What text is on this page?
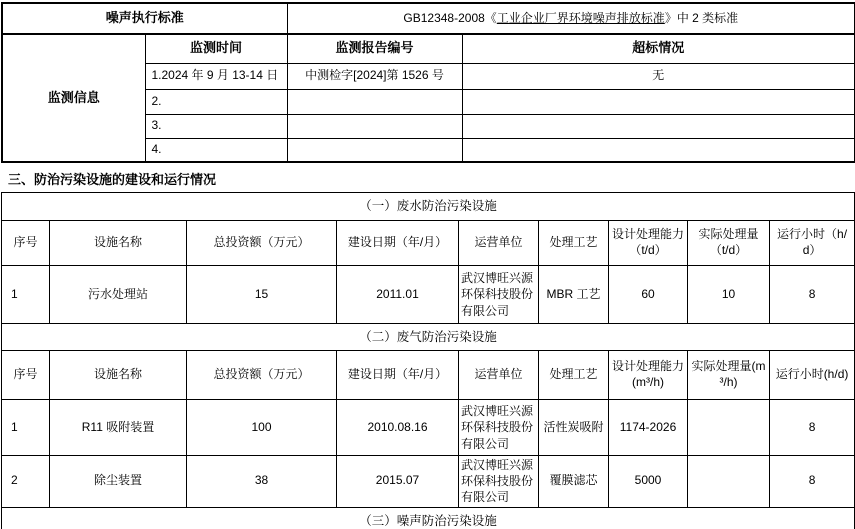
噪声执行标准		GB12348-2008《工业企业厂界环境噪声排放标准》中 2 类标准	
监测信息	监测时间	监测报告编号	超标情况
	1.2024 年 9 月 13-14 日	中测检字[2024]第 1526 号	无
	2.		
	3.		
	4.		
三、防治污染设施的建设和运行情况
（一）废水防治污染设施								
序号	设施名称	总投资额（万元）	建设日期（年/月）	运营单位	处理工艺	设计处理能力（t/d）	实际处理量（t/d）	运行小时（h/d）
1	污水处理站	15	2011.01	武汉博旺兴源环保科技股份有限公司	MBR 工艺	60	10	8
（二）废气防治污染设施								
序号	设施名称	总投资额（万元）	建设日期（年/月）	运营单位	处理工艺	设计处理能力(m³/h)	实际处理量(m³/h)	运行小时(h/d)
1	R11 吸附装置	100	2010.08.16	武汉博旺兴源环保科技股份有限公司	活性炭吸附	1174-2026		8
2	除尘装置	38	2015.07	武汉博旺兴源环保科技股份有限公司	覆膜滤芯	5000		8
（三）噪声防治污染设施								
